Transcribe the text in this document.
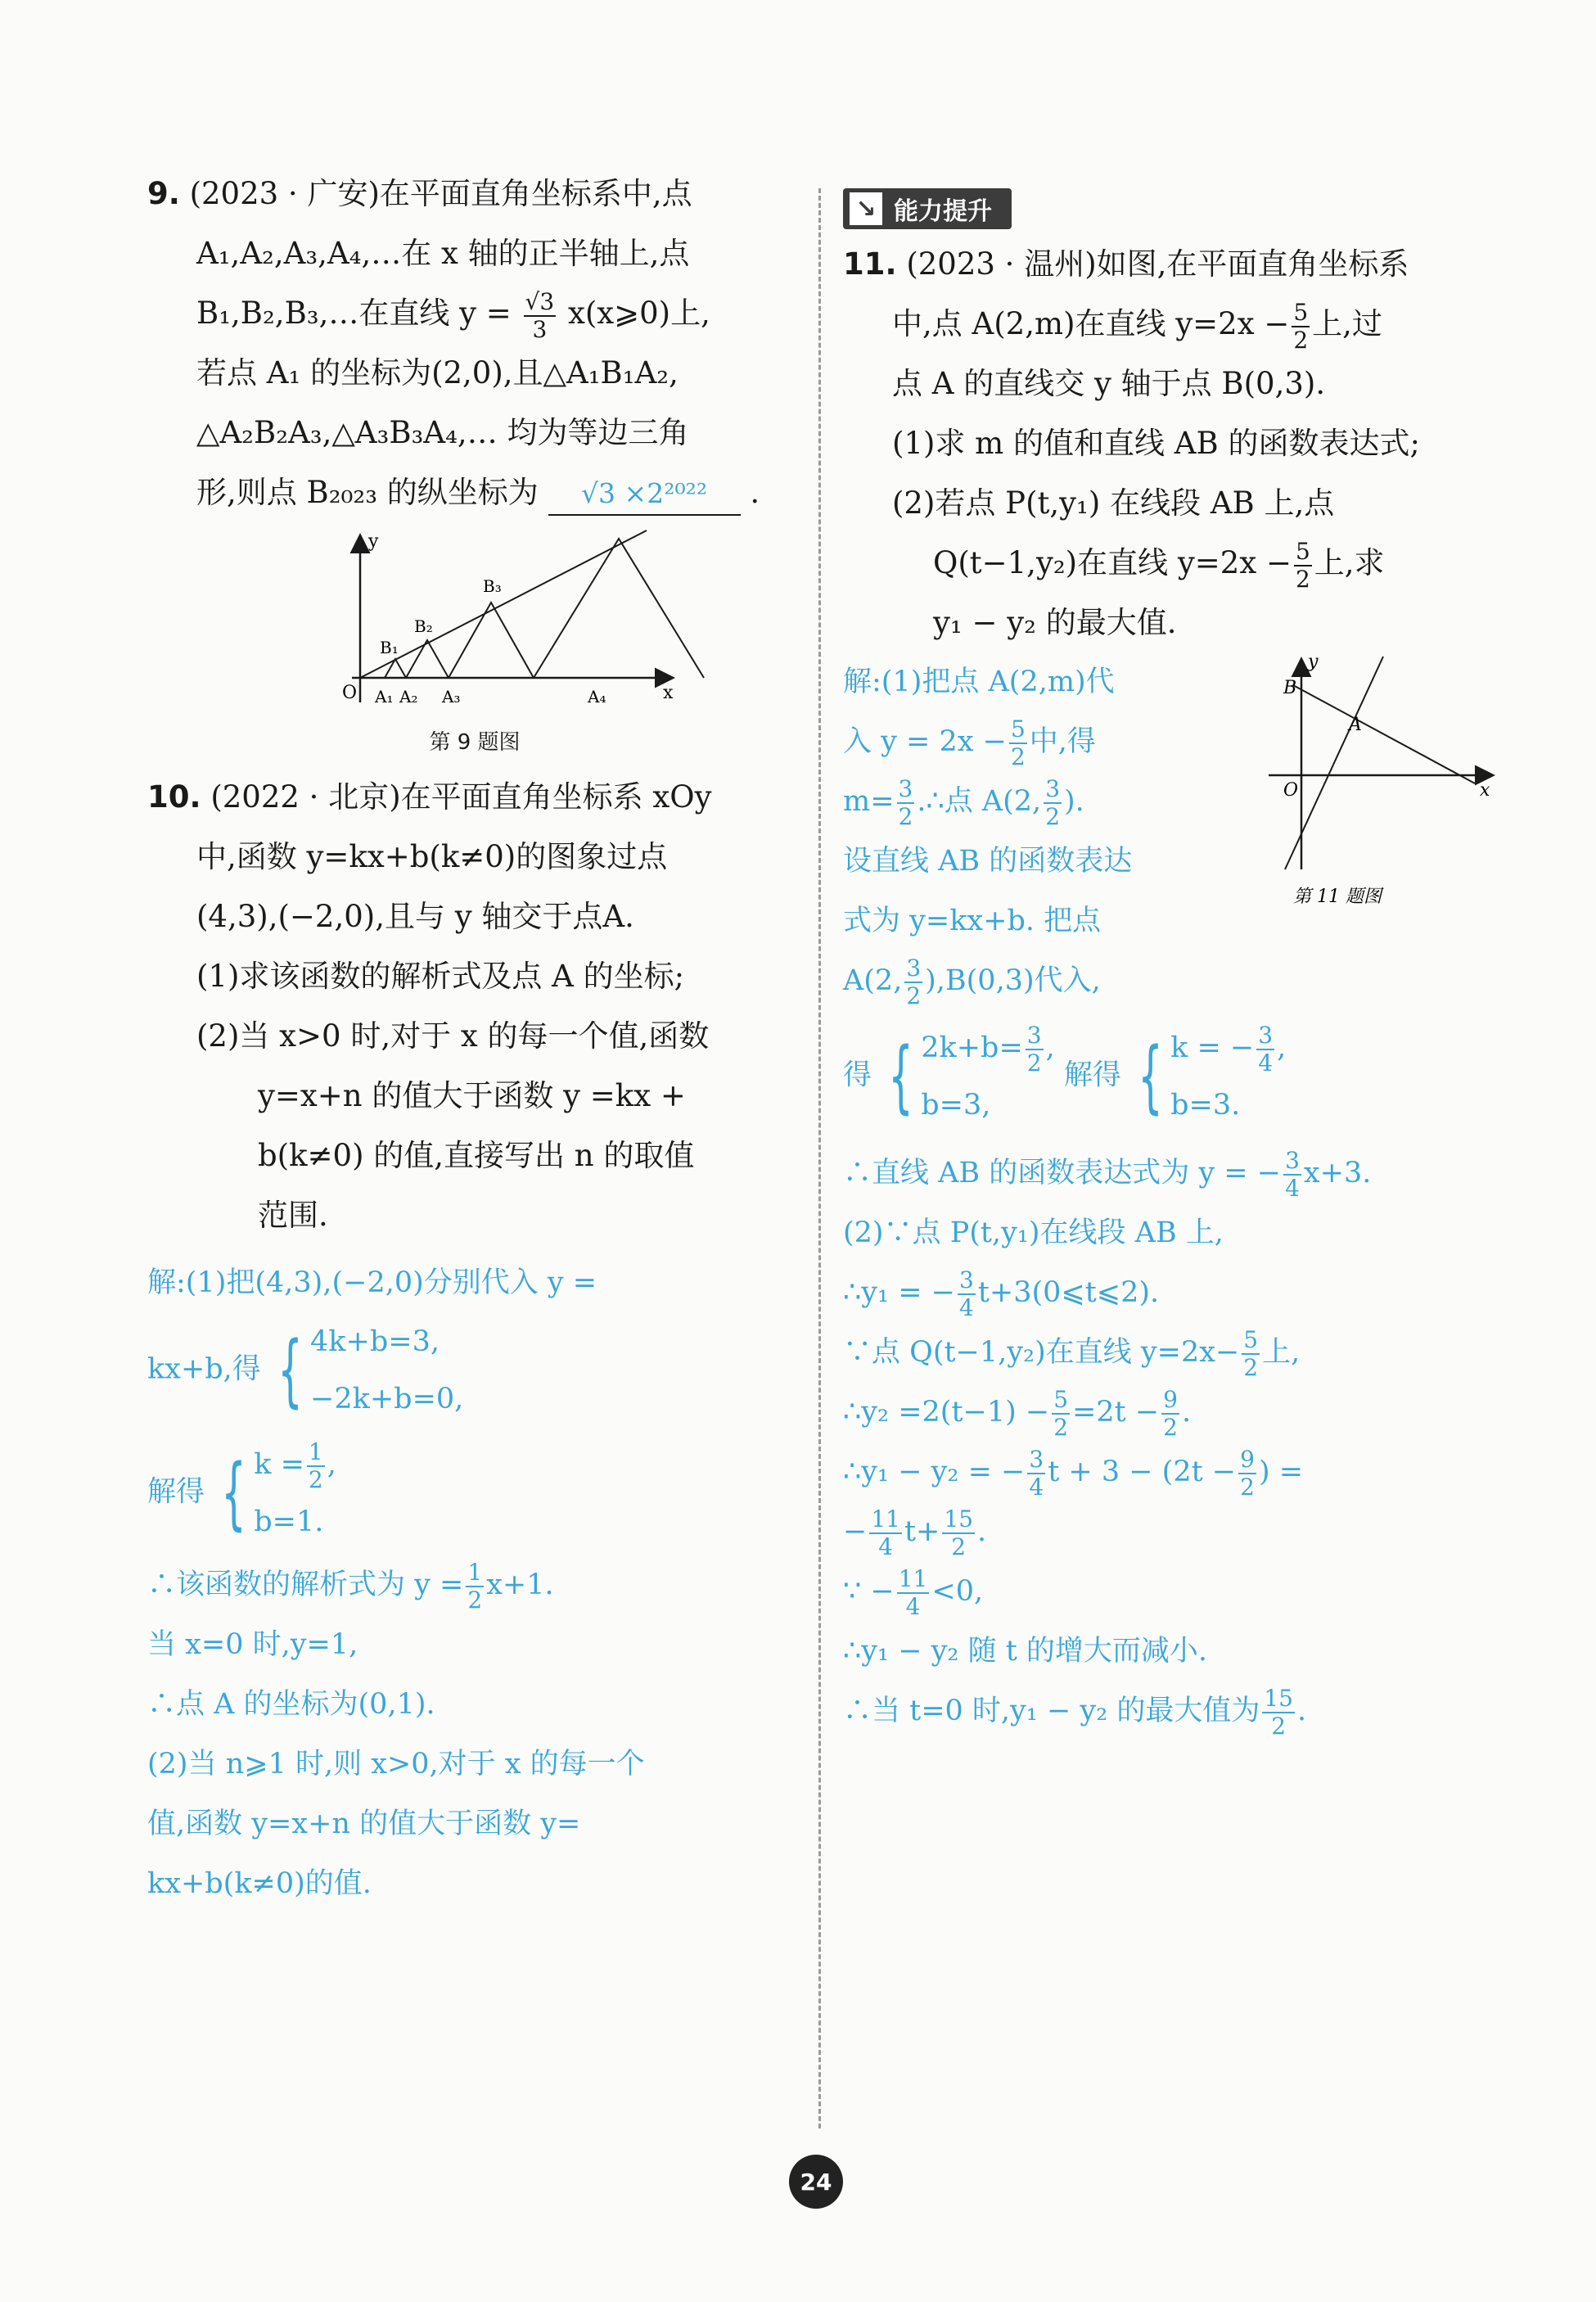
9. (2023 · 广安)在平面直角坐标系中,点
A₁,A₂,A₃,A₄,…在 x 轴的正半轴上,点
B₁,B₂,B₃,…在直线 $y = \frac{√3}{3}$ x(x⩾0)上,
若点 A₁ 的坐标为(2,0),且△A₁B₁A₂,
△A₂B₂A₃,△A₃B₃A₄,… 均为等边三角
形,则点 B₂₀₂₃ 的纵坐标为 √3 ×2²⁰²² .
y
x
O
B₁
B₂
B₃
A₁ A₂ A₃	A₄
第 9 题图
10. (2022 · 北京)在平面直角坐标系 xOy
中,函数 y=kx+b(k≠0)的图象过点
(4,3),(−2,0),且与 y 轴交于点A.
(1)求该函数的解析式及点 A 的坐标;
(2)当 x>0 时,对于 x 的每一个值,函数
y=x+n 的值大于函数 y =kx +
b(k≠0) 的值,直接写出 n 的取值
范围.
解:(1)把(4,3),(−2,0)分别代入 y =
kx+b,得 { 4k+b=3,
−2k+b=0,
解得 { $k = \frac{1}{2}$ ,
b=1.
∴该函数的解析式为 $y = \frac{1}{2} x+1$.
当 x=0 时,y=1,
∴点 A 的坐标为(0,1).
(2)当 n⩾1 时,则 x>0,对于 x 的每一个
值,函数 y=x+n 的值大于函数 y=
kx+b(k≠0)的值.
↘ 能力提升
11. (2023 · 温州)如图,在平面直角坐标系
中,点 A(2,m)在直线 $y=2x - \frac{5}{2}$ 上,过
点 A 的直线交 y 轴于点 B(0,3).
(1)求 m 的值和直线 AB 的函数表达式;
(2)若点 P(t,y₁) 在线段 AB 上,点
Q(t−1,y₂)在直线 $y=2x - \frac{5}{2}$ 上,求
y₁ − y₂ 的最大值.
解:(1)把点 A(2,m)代
入 $y = 2x - \frac{5}{2}$ 中,得
$m= \frac{3}{2}$ .∴点 A(2, $\frac{3}{2}$ ).
设直线 AB 的函数表达
式为 y=kx+b. 把点
A(2, $\frac{3}{2} ),B(0,3)$代入,
y
x
O
B
A
第 11 题图
得 { $2k+b= \frac{3}{2}$ ,
b=3,
解得 { k = − $\frac{3}{4}$ ,
b=3.
∴直线 AB 的函数表达式为 y = − $\frac{3}{4} x+3$.
(2)∵点 P(t,y₁)在线段 AB 上,
∴y₁ = − $\frac{3}{4}$ t+3(0⩽t⩽2).
∵点 Q(t−1,y₂)在直线 $y=2x- \frac{5}{2}$ 上,
∴y₂ $=2(t-1) - \frac{5}{2} =2t - \frac{9}{2}$ .
∴y₁ − y₂ = − $\frac{3}{4}$ $t + 3 - (2t - \frac{9}{2}$ ) =
− $\frac{11}{4} t+ \frac{15}{2}$ .
∵ − $\frac{11}{4} <0$,
∴y₁ − y₂ 随 t 的增大而减小.
∴当 t=0 时,y₁ − y₂ 的最大值为 $\frac{15}{2}$ .
24
